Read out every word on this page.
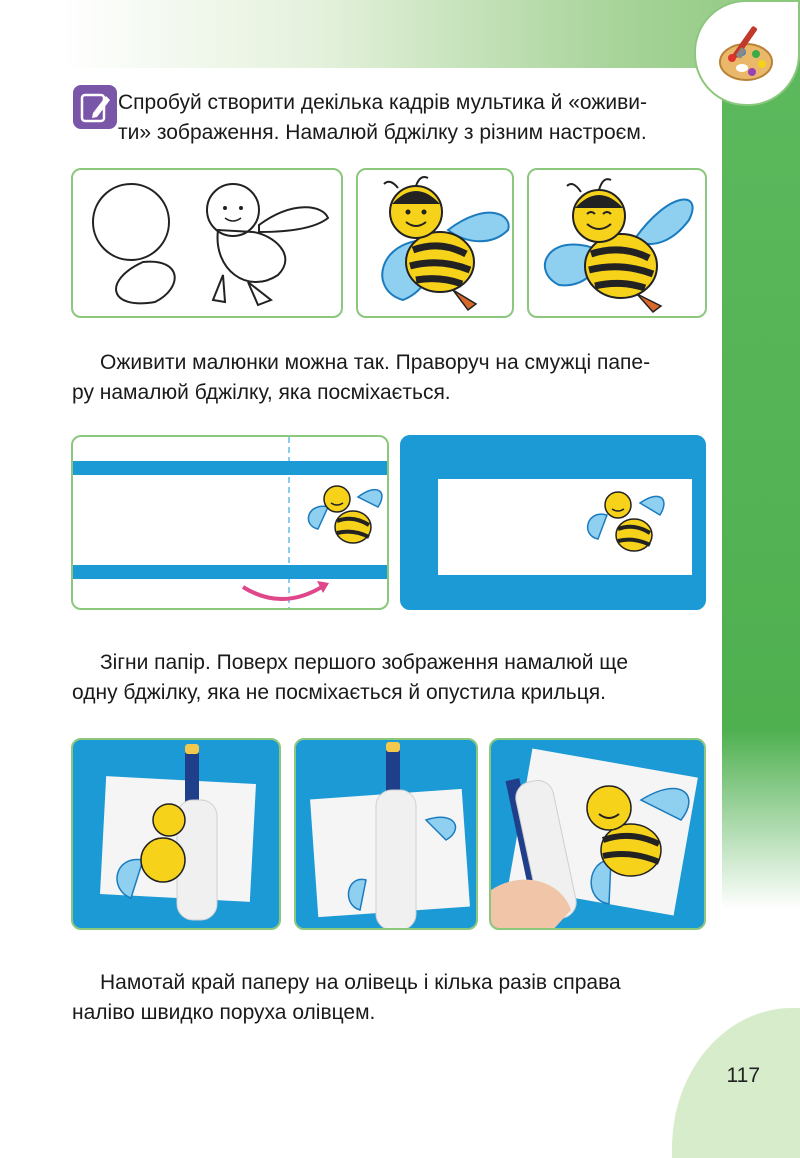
117

Спробуй створити декілька кадрів мультика й «оживи-

ти» зображення. Намалюй бджілку з різним настроєм.

Оживити малюнки можна так. Праворуч на смужці папе-

ру намалюй бджілку, яка посміхається.

Зігни папір. Поверх першого зображення намалюй ще

одну бджілку, яка не посміхається й опустила крильця.

Намотай край паперу на олівець і кілька разів справа

наліво швидко поруха олівцем.
